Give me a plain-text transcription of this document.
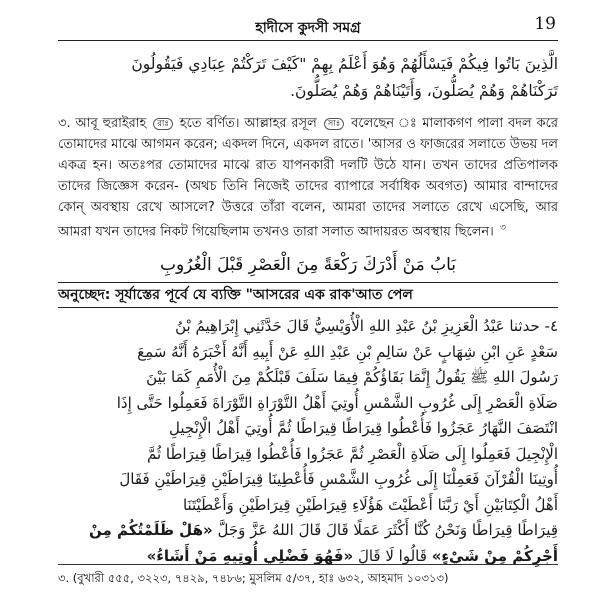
হাদীসে কুদসী সমগ্র	19

الَّذِينَ بَاتُوا فِيكُمْ فَيَسْأَلُهُمْ وَهُوَ أَعْلَمُ بِهِمْ "كَيْفَ تَرَكْتُمْ عِبَادِي فَيَقُولُونَ

تَرَكْنَاهُمْ وَهُمْ يُصَلُّونَ، وَأَتَيْنَاهُمْ وَهُمْ يُصَلُّونَ.

৩. আবূ হুরাইরাহ রাঃ হতে বর্ণিত। আল্লাহর রসূল সাঃ বলেছেন ঃ মালাকগণ পালা বদল করে তোমাদের মাঝে আগমন করেন; একদল দিনে, একদল রাতে। 'আসর ও ফাজরের সলাতে উভয় দল একত্র হন। অতঃপর তোমাদের মাঝে রাত যাপনকারী দলটি উঠে যান। তখন তাদের প্রতিপালক তাদের জিজ্ঞেস করেন- (অথচ তিনি নিজেই তাদের ব্যাপারে সর্বাধিক অবগত) আমার বান্দাদের কোন্ অবস্থায় রেখে আসলে? উত্তরে তাঁরা বলেন, আমরা তাদের সলাতে রেখে এসেছি, আর আমরা যখন তাদের নিকট গিয়েছিলাম তখনও তারা সলাত আদায়রত অবস্থায় ছিলেন। $^৩$
بَابُ مَنْ أَدْرَكَ رَكْعَةً مِنَ الْعَصْرِ قَبْلَ الْغُرُوبِ
অনুচ্ছেদ: সূর্যাস্তের পূর্বে যে ব্যক্তি "আসরের এক রাক'আত পেল

٤- حدثنا عَبْدُ الْعَزِيزِ بْنُ عَبْدِ اللهِ الْأُوَيْسِيُّ قَالَ حَدَّثَنِي إِبْرَاهِيمُ بْنُ

سَعْدٍ عَنِ ابْنِ شِهَابٍ عَنْ سَالِمِ بْنِ عَبْدِ اللهِ عَنْ أَبِيهِ أَنَّهُ أَخْبَرَهُ أَنَّهُ سَمِعَ

رَسُولَ اللهِ ﷺ يَقُولُ إِنَّمَا بَقَاؤُكُمْ فِيمَا سَلَفَ قَبْلَكُمْ مِنَ الْأُمَمِ كَمَا بَيْنَ

صَلَاةِ الْعَصْرِ إِلَى غُرُوبِ الشَّمْسِ أُوتِيَ أَهْلُ التَّوْرَاةِ التَّوْرَاةَ فَعَمِلُوا حَتَّى إِذَا

انْتَصَفَ النَّهَارُ عَجَزُوا فَأُعْطُوا قِيرَاطًا قِيرَاطًا ثُمَّ أُوتِيَ أَهْلُ الْإِنْجِيلِ

الْإِنْجِيلَ فَعَمِلُوا إِلَى صَلَاةِ الْعَصْرِ ثُمَّ عَجَزُوا فَأُعْطُوا قِيرَاطًا قِيرَاطًا ثُمَّ

أُوتِينَا الْقُرْآنَ فَعَمِلْنَا إِلَى غُرُوبِ الشَّمْسِ فَأُعْطِينَا قِيرَاطَيْنِ قِيرَاطَيْنِ فَقَالَ

أَهْلُ الْكِتَابَيْنِ أَيْ رَبَّنَا أَعْطَيْتَ هَؤُلَاءِ قِيرَاطَيْنِ قِيرَاطَيْنِ وَأَعْطَيْتَنَا

قِيرَاطًا قِيرَاطًا وَنَحْنُ كُنَّا أَكْثَرَ عَمَلًا قَالَ قَالَ اللهُ عَزَّ وَجَلَّ «هَلْ ظَلَمْتُكُمْ مِنْ

أَجْرِكُمْ مِنْ شَيْءٍ» قَالُوا لَا قَالَ «فَهُوَ فَضْلِي أُوتِيهِ مَنْ أَشَاءُ»

৩. (বুখারী ৫৫৫, ৩২২৩, ৭৪২৯, ৭৪৮৬; মুসলিম ৫/৩৭, হাঃ ৬৩২, আহমাদ ১০৩১৩)
